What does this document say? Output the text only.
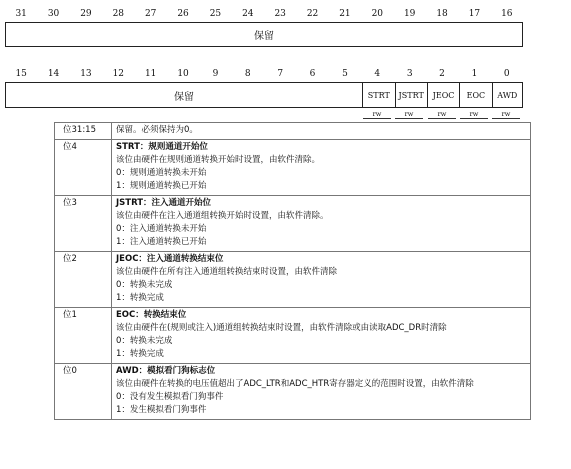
31	30	29	28	27	26	25	24	23	22	21	20	19	18	17	16
保留
15	14	13	12	11	10	9	8	7	6	5	4	3	2	1	0
保留	STRT	JSTRT	JEOC	EOC	AWD
rw	rw	rw	rw	rw
位31:15	保留。必须保持为0。

位4	STRT：规则通道开始位
该位由硬件在规则通道转换开始时设置，由软件清除。
0：规则通道转换未开始
1：规则通道转换已开始

位3	JSTRT：注入通道开始位
该位由硬件在注入通道组转换开始时设置，由软件清除。
0：注入通道转换未开始
1：注入通道转换已开始

位2	JEOC：注入通道转换结束位
该位由硬件在所有注入通道组转换结束时设置，由软件清除
0：转换未完成
1：转换完成

位1	EOC：转换结束位
该位由硬件在(规则或注入)通道组转换结束时设置，由软件清除或由读取ADC_DR时清除
0：转换未完成
1：转换完成

位0	AWD：模拟看门狗标志位
该位由硬件在转换的电压值超出了ADC_LTR和ADC_HTR寄存器定义的范围时设置，由软件清除
0：没有发生模拟看门狗事件
1：发生模拟看门狗事件
